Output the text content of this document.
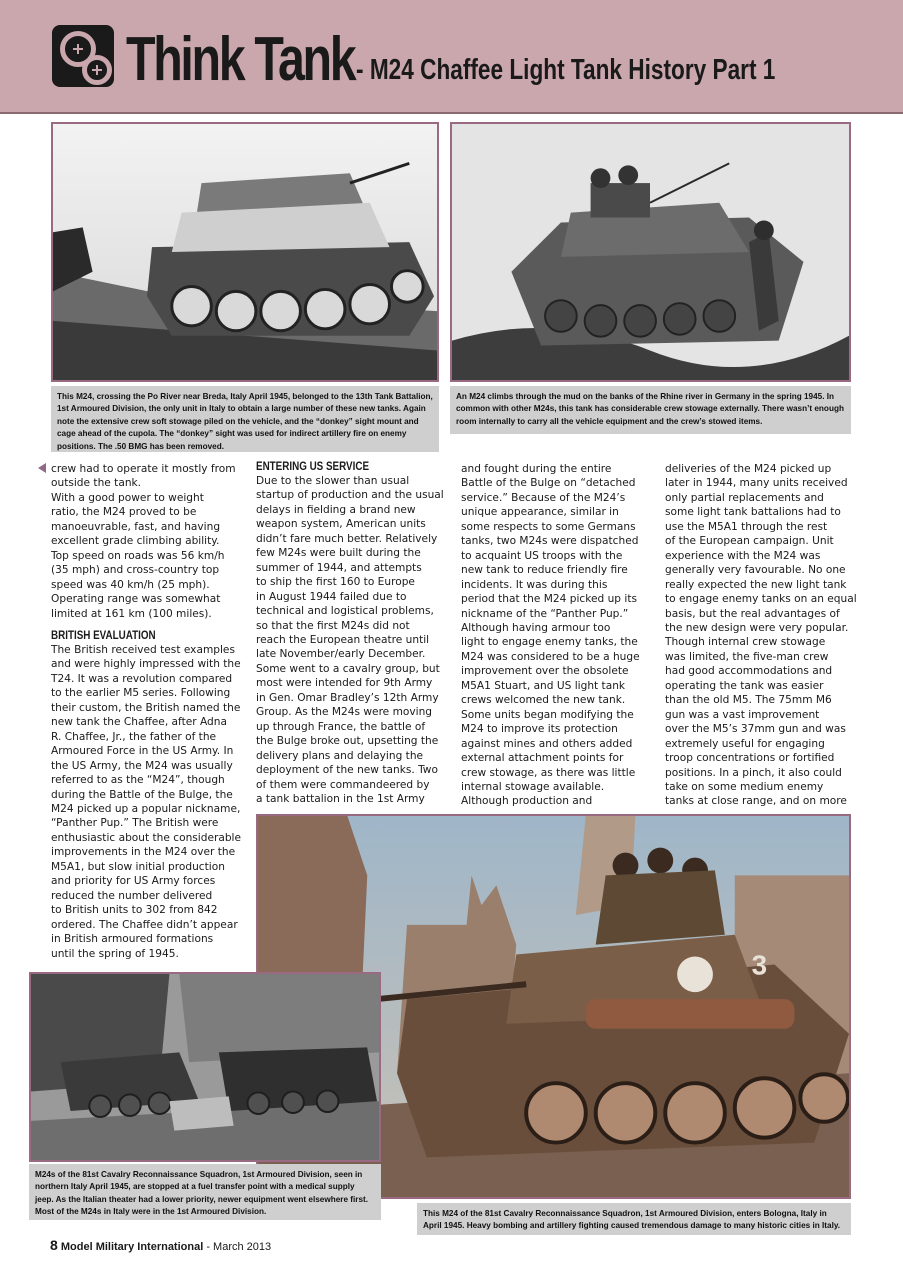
Think Tank - M24 Chaffee Light Tank History Part 1
This M24, crossing the Po River near Breda, Italy April 1945, belonged to the 13th Tank Battalion, 1st Armoured Division, the only unit in Italy to obtain a large number of these new tanks. Again note the extensive crew soft stowage piled on the vehicle, and the “donkey” sight mount and cage ahead of the cupola. The “donkey” sight was used for indirect artillery fire on enemy positions. The .50 BMG has been removed.
An M24 climbs through the mud on the banks of the Rhine river in Germany in the spring 1945. In common with other M24s, this tank has considerable crew stowage externally. There wasn’t enough room internally to carry all the vehicle equipment and the crew’s stowed items.

crew had to operate it mostly from
outside the tank.
With a good power to weight
ratio, the M24 proved to be
manoeuvrable, fast, and having
excellent grade climbing ability.
Top speed on roads was 56 km/h
(35 mph) and cross-country top
speed was 40 km/h (25 mph).
Operating range was somewhat
limited at 161 km (100 miles).

BRITISH EVALUATION

The British received test examples
and were highly impressed with the
T24. It was a revolution compared
to the earlier M5 series. Following
their custom, the British named the
new tank the Chaffee, after Adna
R. Chaffee, Jr., the father of the
Armoured Force in the US Army. In
the US Army, the M24 was usually
referred to as the “M24”, though
during the Battle of the Bulge, the
M24 picked up a popular nickname,
“Panther Pup.” The British were
enthusiastic about the considerable
improvements in the M24 over the
M5A1, but slow initial production
and priority for US Army forces
reduced the number delivered
to British units to 302 from 842
ordered. The Chaffee didn’t appear
in British armoured formations
until the spring of 1945.

ENTERING US SERVICE

Due to the slower than usual
startup of production and the usual
delays in fielding a brand new
weapon system, American units
didn’t fare much better. Relatively
few M24s were built during the
summer of 1944, and attempts
to ship the first 160 to Europe
in August 1944 failed due to
technical and logistical problems,
so that the first M24s did not
reach the European theatre until
late November/early December.
Some went to a cavalry group, but
most were intended for 9th Army
in Gen. Omar Bradley’s 12th Army
Group. As the M24s were moving
up through France, the battle of
the Bulge broke out, upsetting the
delivery plans and delaying the
deployment of the new tanks. Two
of them were commandeered by
a tank battalion in the 1st Army

and fought during the entire
Battle of the Bulge on “detached
service.” Because of the M24’s
unique appearance, similar in
some respects to some Germans
tanks, two M24s were dispatched
to acquaint US troops with the
new tank to reduce friendly fire
incidents. It was during this
period that the M24 picked up its
nickname of the “Panther Pup.”
Although having armour too
light to engage enemy tanks, the
M24 was considered to be a huge
improvement over the obsolete
M5A1 Stuart, and US light tank
crews welcomed the new tank.
Some units began modifying the
M24 to improve its protection
against mines and others added
external attachment points for
crew stowage, as there was little
internal stowage available.
Although production and

deliveries of the M24 picked up
later in 1944, many units received
only partial replacements and
some light tank battalions had to
use the M5A1 through the rest
of the European campaign. Unit
experience with the M24 was
generally very favourable. No one
really expected the new light tank
to engage enemy tanks on an equal
basis, but the real advantages of
the new design were very popular.
Though internal crew stowage
was limited, the five-man crew
had good accommodations and
operating the tank was easier
than the old M5. The 75mm M6
gun was a vast improvement
over the M5’s 37mm gun and was
extremely useful for engaging
troop concentrations or fortified
positions. In a pinch, it also could
take on some medium enemy
tanks at close range, and on more

3
M24s of the 81st Cavalry Reconnaissance Squadron, 1st Armoured Division, seen in northern Italy April 1945, are stopped at a fuel transfer point with a medical supply jeep. As the Italian theater had a lower priority, newer equipment went elsewhere first. Most of the M24s in Italy were in the 1st Armoured Division.	This M24 of the 81st Cavalry Reconnaissance Squadron, 1st Armoured Division, enters Bologna, Italy in April 1945. Heavy bombing and artillery fighting caused tremendous damage to many historic cities in Italy.
8 Model Military International - March 2013
